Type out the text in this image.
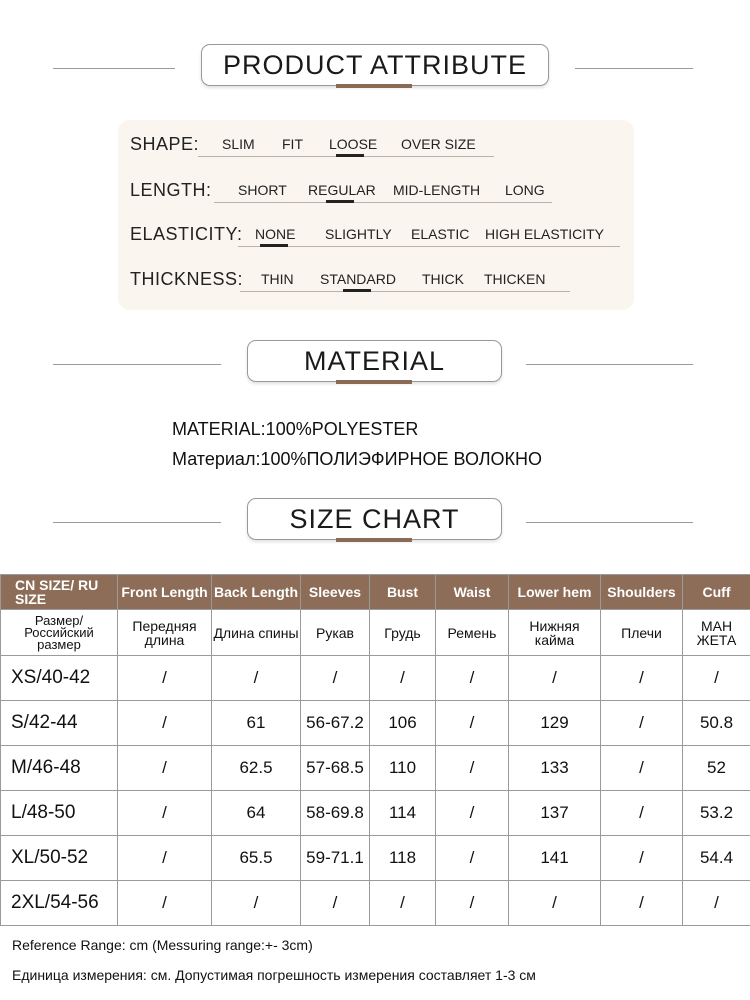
PRODUCT ATTRIBUTE
SHAPE: SLIM FIT LOOSE OVER SIZE
LENGTH: SHORT REGULAR MID-LENGTH LONG
ELASTICITY: NONE SLIGHTLY ELASTIC HIGH ELASTICITY
THICKNESS: THIN STANDARD THICK THICKEN
MATERIAL
MATERIAL:100%POLYESTER
Материал:100%ПОЛИЭФИРНОЕ ВОЛОКНО
SIZE CHART
CN SIZE/ RU SIZE	Front Length	Back Length	Sleeves	Bust	Waist	Lower hem	Shoulders	Cuff
Размер/ Российский размер	Передняя длина	Длина спины	Рукав	Грудь	Ремень	Нижняя кайма	Плечи	МАН ЖЕТА
XS/40-42	/	/	/	/	/	/	/	/
S/42-44	/	61	56-67.2	106	/	129	/	50.8
M/46-48	/	62.5	57-68.5	110	/	133	/	52
L/48-50	/	64	58-69.8	114	/	137	/	53.2
XL/50-52	/	65.5	59-71.1	118	/	141	/	54.4
2XL/54-56	/	/	/	/	/	/	/	/
Reference Range: cm (Messuring range:+- 3cm)
Единица измерения: см. Допустимая погрешность измерения составляет 1-3 см
